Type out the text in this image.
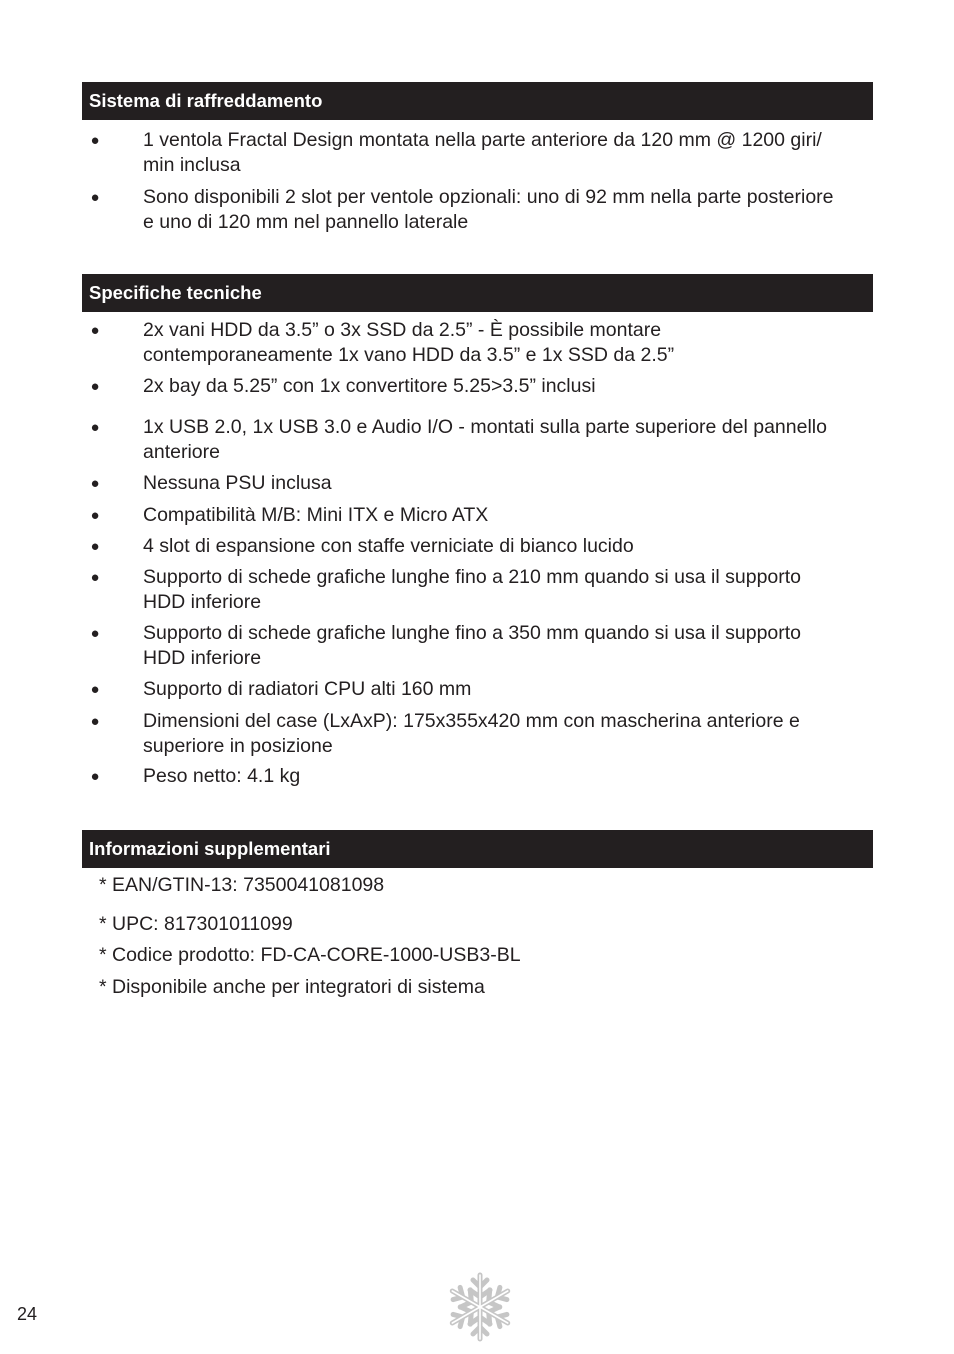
Sistema di raffreddamento
● 1 ventola Fractal Design montata nella parte anteriore da 120 mm @ 1200 giri/
min inclusa
● Sono disponibili 2 slot per ventole opzionali: uno di 92 mm nella parte posteriore
e uno di 120 mm nel pannello laterale
Specifiche tecniche
● 2x vani HDD da 3.5” o 3x SSD da 2.5” - È possibile montare
contemporaneamente 1x vano HDD da 3.5” e 1x SSD da 2.5”
● 2x bay da 5.25” con 1x convertitore 5.25>3.5” inclusi
● 1x USB 2.0, 1x USB 3.0 e Audio I/O - montati sulla parte superiore del pannello
anteriore
● Nessuna PSU inclusa
● Compatibilità M/B: Mini ITX e Micro ATX
● 4 slot di espansione con staffe verniciate di bianco lucido
● Supporto di schede grafiche lunghe fino a 210 mm quando si usa il supporto
HDD inferiore
● Supporto di schede grafiche lunghe fino a 350 mm quando si usa il supporto
HDD inferiore
● Supporto di radiatori CPU alti 160 mm
● Dimensioni del case (LxAxP): 175x355x420 mm con mascherina anteriore e
superiore in posizione
● Peso netto: 4.1 kg
Informazioni supplementari
* EAN/GTIN-13: 7350041081098
* UPC: 817301011099
* Codice prodotto: FD-CA-CORE-1000-USB3-BL
* Disponibile anche per integratori di sistema
24
